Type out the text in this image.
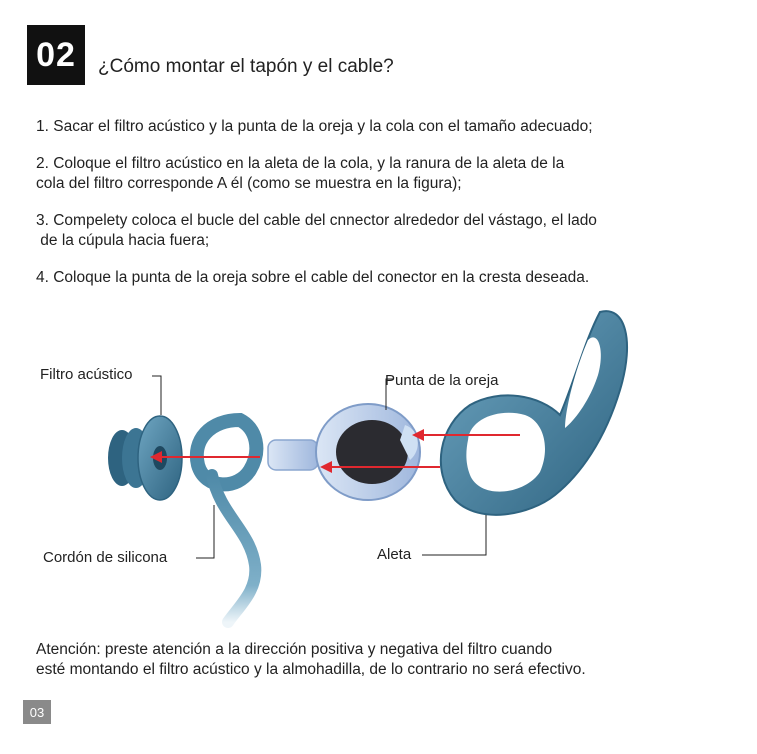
02	¿Cómo montar el tapón y el cable?

1. Sacar el filtro acústico y la punta de la oreja y la cola con el tamaño adecuado;

2. Coloque el filtro acústico en la aleta de la cola, y la ranura de la aleta de la
cola del filtro corresponde A él (como se muestra en la figura);

3. Compelety coloca el bucle del cable del cnnector alrededor del vástago, el lado
de la cúpula hacia fuera;

4. Coloque la punta de la oreja sobre el cable del conector en la cresta deseada.

Filtro acústico	Punta de la oreja
Cordón de silicona	Aleta
Atención: preste atención a la dirección positiva y negativa del filtro cuando
esté montando el filtro acústico y la almohadilla, de lo contrario no será efectivo.
03
